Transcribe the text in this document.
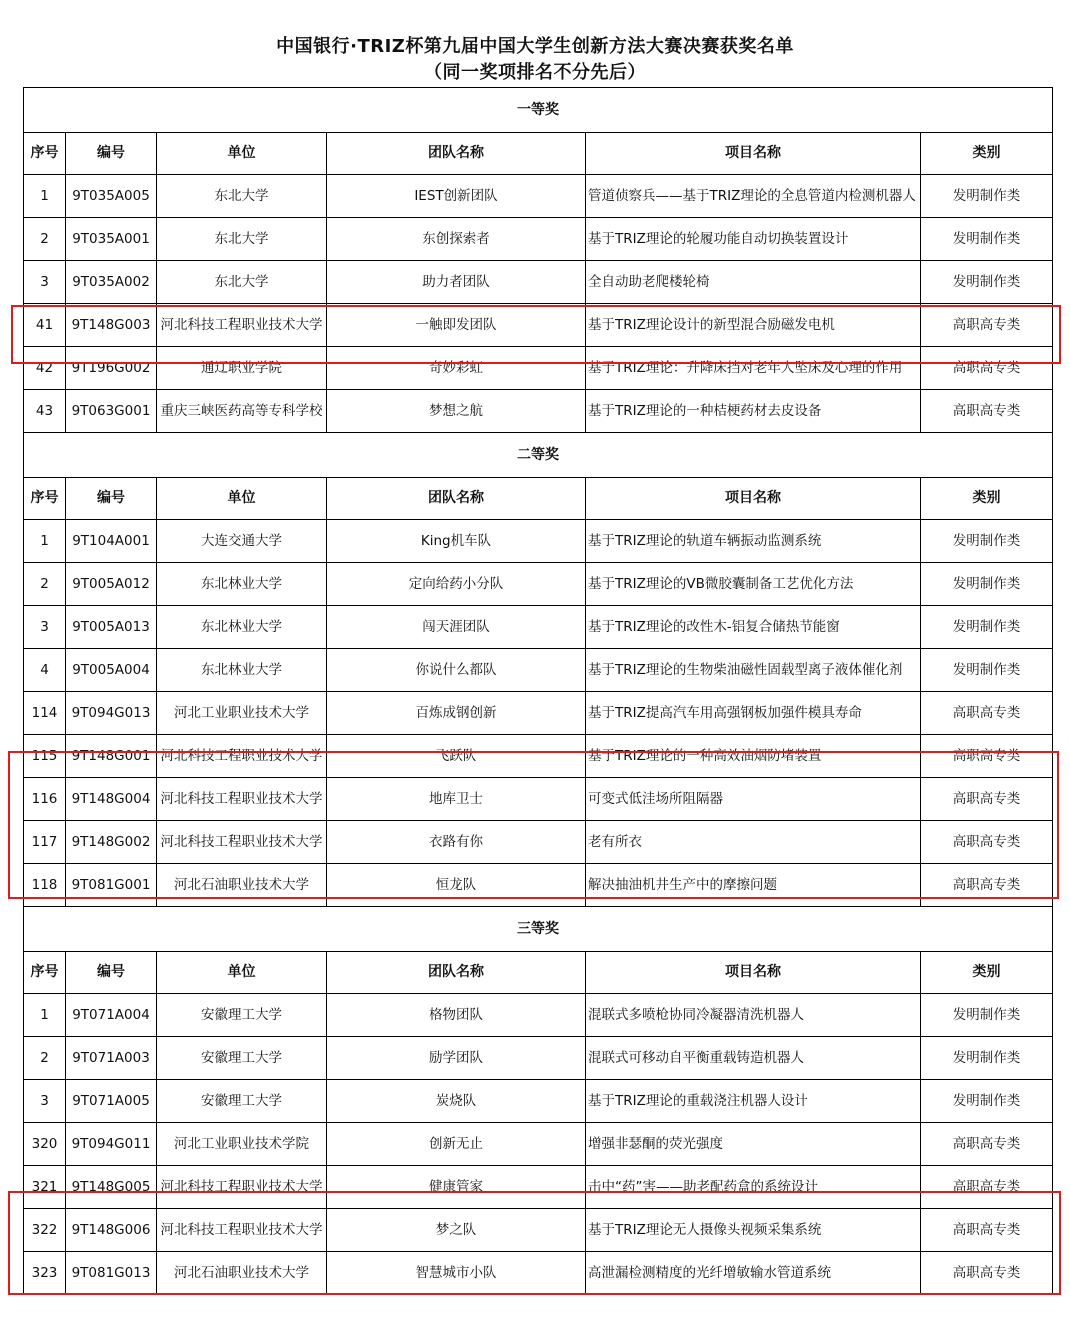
中国银行·TRIZ杯第九届中国大学生创新方法大赛决赛获奖名单
（同一奖项排名不分先后）
一等奖					
序号	编号	单位	团队名称	项目名称	类别
1	9T035A005	东北大学	IEST创新团队	管道侦察兵——基于TRIZ理论的全息管道内检测机器人	发明制作类
2	9T035A001	东北大学	东创探索者	基于TRIZ理论的轮履功能自动切换装置设计	发明制作类
3	9T035A002	东北大学	助力者团队	全自动助老爬楼轮椅	发明制作类
41	9T148G003	河北科技工程职业技术大学	一触即发团队	基于TRIZ理论设计的新型混合励磁发电机	高职高专类
42	9T196G002	通辽职业学院	奇妙彩虹	基于TRIZ理论：升降床挡对老年人坠床及心理的作用	高职高专类
43	9T063G001	重庆三峡医药高等专科学校	梦想之航	基于TRIZ理论的一种桔梗药材去皮设备	高职高专类
二等奖					
序号	编号	单位	团队名称	项目名称	类别
1	9T104A001	大连交通大学	King机车队	基于TRIZ理论的轨道车辆振动监测系统	发明制作类
2	9T005A012	东北林业大学	定向给药小分队	基于TRIZ理论的VB微胶囊制备工艺优化方法	发明制作类
3	9T005A013	东北林业大学	闯天涯团队	基于TRIZ理论的改性木-铝复合储热节能窗	发明制作类
4	9T005A004	东北林业大学	你说什么都队	基于TRIZ理论的生物柴油磁性固载型离子液体催化剂	发明制作类
114	9T094G013	河北工业职业技术大学	百炼成钢创新	基于TRIZ提高汽车用高强钢板加强件模具寿命	高职高专类
115	9T148G001	河北科技工程职业技术大学	飞跃队	基于TRIZ理论的一种高效油烟防堵装置	高职高专类
116	9T148G004	河北科技工程职业技术大学	地库卫士	可变式低洼场所阻隔器	高职高专类
117	9T148G002	河北科技工程职业技术大学	衣路有你	老有所衣	高职高专类
118	9T081G001	河北石油职业技术大学	恒龙队	解决抽油机井生产中的摩擦问题	高职高专类
三等奖					
序号	编号	单位	团队名称	项目名称	类别
1	9T071A004	安徽理工大学	格物团队	混联式多喷枪协同冷凝器清洗机器人	发明制作类
2	9T071A003	安徽理工大学	励学团队	混联式可移动自平衡重载铸造机器人	发明制作类
3	9T071A005	安徽理工大学	炭烧队	基于TRIZ理论的重载浇注机器人设计	发明制作类
320	9T094G011	河北工业职业技术学院	创新无止	增强非瑟酮的荧光强度	高职高专类
321	9T148G005	河北科技工程职业技术大学	健康管家	击中“药”害——助老配药盒的系统设计	高职高专类
322	9T148G006	河北科技工程职业技术大学	梦之队	基于TRIZ理论无人摄像头视频采集系统	高职高专类
323	9T081G013	河北石油职业技术大学	智慧城市小队	高泄漏检测精度的光纤增敏输水管道系统	高职高专类
